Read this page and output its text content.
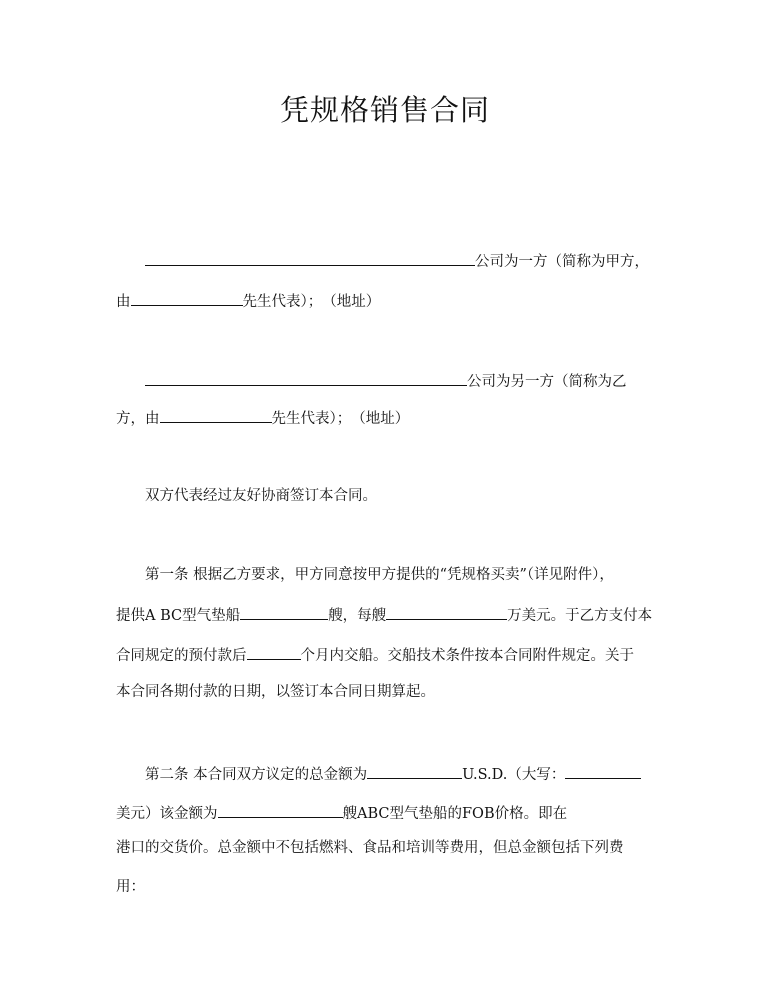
凭规格销售合同
公司为一方（简称为甲方，
由	先生代表）；　（地址）
公司为另一方（简称为乙
方，由	先生代表）；　（地址）
双方代表经过友好协商签订本合同。
第一条 根据乙方要求，甲方同意按甲方提供的“凭规格买卖”（详见附件），
提供A BC型气垫船	艘，每艘	万美元。于乙方支付本
合同规定的预付款后	个月内交船。交船技术条件按本合同附件规定。关于
本合同各期付款的日期，以签订本合同日期算起。
第二条 本合同双方议定的总金额为	U.S.D.（大写：
美元）该金额为	艘ABC型气垫船的FOB价格。即在
港口的交货价。总金额中不包括燃料、食品和培训等费用，但总金额包括下列费
用：
